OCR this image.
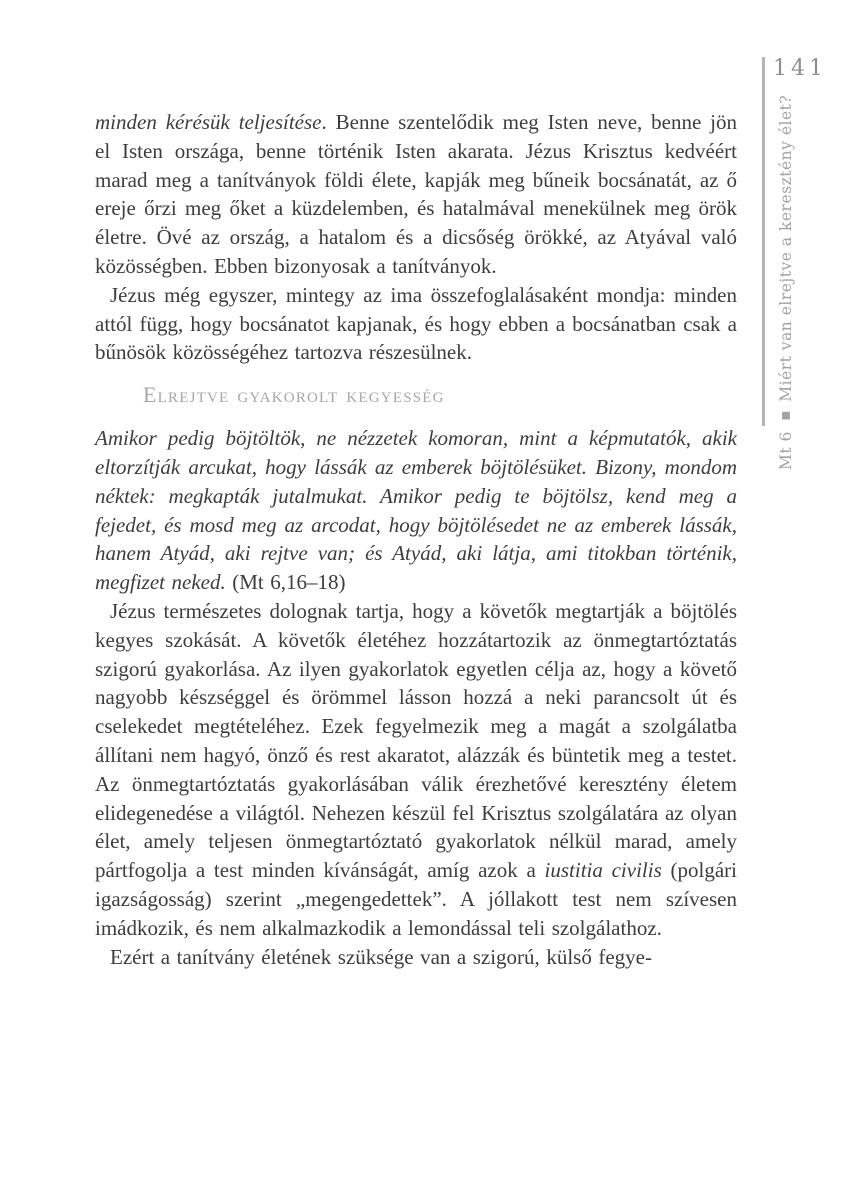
minden kérésük teljesítése. Benne szentelődik meg Isten neve, benne jön el Isten országa, benne történik Isten akarata. Jézus Krisztus kedvéért marad meg a tanítványok földi élete, kapják meg bűneik bocsánatát, az ő ereje őrzi meg őket a küzdelemben, és hatalmával menekülnek meg örök életre. Övé az ország, a hatalom és a dicsőség örökké, az Atyával való közösségben. Ebben bizonyosak a tanítványok.

Jézus még egyszer, mintegy az ima összefoglalásaként mondja: minden attól függ, hogy bocsánatot kapjanak, és hogy ebben a bocsánatban csak a bűnösök közösségéhez tartozva részesülnek.

Elrejtve gyakorolt kegyesség

Amikor pedig böjtöltök, ne nézzetek komoran, mint a képmutatók, akik eltorzítják arcukat, hogy lássák az emberek böjtölésüket. Bizony, mondom néktek: megkapták jutalmukat. Amikor pedig te böjtölsz, kend meg a fejedet, és mosd meg az arcodat, hogy böjtölésedet ne az emberek lássák, hanem Atyád, aki rejtve van; és Atyád, aki látja, ami titokban történik, megfizet neked. (Mt 6,16–18)

Jézus természetes dolognak tartja, hogy a követők megtartják a böjtölés kegyes szokását. A követők életéhez hozzátartozik az önmegtartóztatás szigorú gyakorlása. Az ilyen gyakorlatok egyetlen célja az, hogy a követő nagyobb készséggel és örömmel lásson hozzá a neki parancsolt út és cselekedet megtételéhez. Ezek fegyelmezik meg a magát a szolgálatba állítani nem hagyó, önző és rest akaratot, alázzák és büntetik meg a testet. Az önmegtartóztatás gyakorlásában válik érezhetővé keresztény életem elidegenedése a világtól. Nehezen készül fel Krisztus szolgálatára az olyan élet, amely teljesen önmegtartóztató gyakorlatok nélkül marad, amely pártfogolja a test minden kívánságát, amíg azok a iustitia civilis (polgári igazságosság) szerint „megengedettek”. A jóllakott test nem szívesen imádkozik, és nem alkalmazkodik a lemondással teli szolgálathoz.

Ezért a tanítvány életének szüksége van a szigorú, külső fegye-

141
Mt 6 ▪ Miért van elrejtve a keresztény élet?
